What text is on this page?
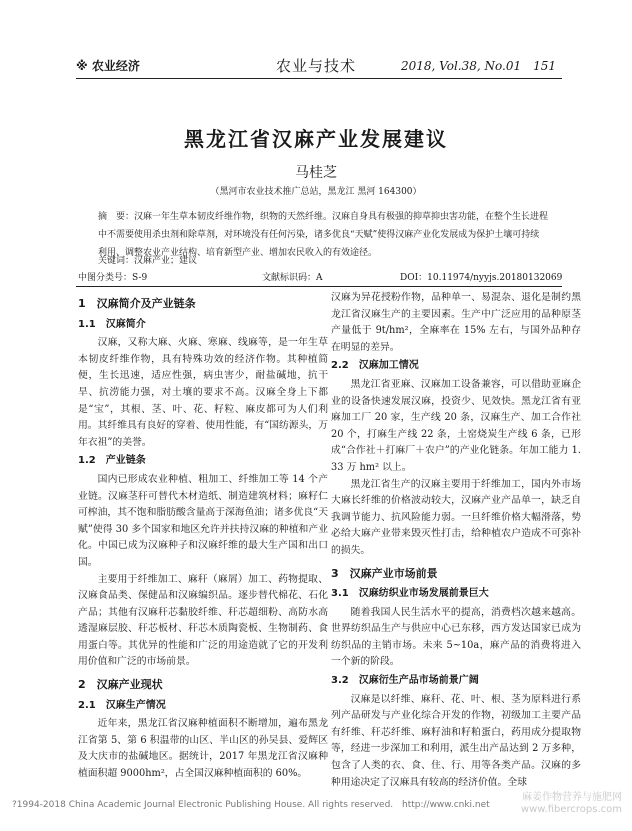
※ 农业经济	农业与技术	2018, Vol.38, No.01　151
黑龙江省汉麻产业发展建议
马桂芝
（黑河市农业技术推广总站，黑龙江 黑河 164300）
摘　要：汉麻一年生草本韧皮纤维作物，织物的天然纤维。汉麻自身具有极强的抑草抑虫害功能，在整个生长进程中不需要使用杀虫剂和除草剂，对环境没有任何污染，诸多优良“天赋”使得汉麻产业化发展成为保护土壤可持续利用、调整农业产业结构、培育新型产业、增加农民收入的有效途径。
关键词：汉麻产业；建议
中图分类号：S-9	文献标识码：A	DOI：10.11974/nyyjs.20180132069
1　汉麻简介及产业链条
1.1　汉麻简介
汉麻，又称大麻、火麻、寒麻、线麻等，是一年生草本韧皮纤维作物，具有特殊功效的经济作物。其种植简便，生长迅速，适应性强，病虫害少，耐盐碱地，抗干旱、抗涝能力强，对土壤的要求不高。汉麻全身上下都是“宝”，其根、茎、叶、花、籽粒、麻皮都可为人们利用。其纤维具有良好的穿着、使用性能，有“国纺源头，万年衣祖”的美誉。
1.2　产业链条
国内已形成农业种植、粗加工、纤维加工等 14 个产业链。汉麻茎秆可替代木材造纸、制造建筑材料；麻籽仁可榨油，其不饱和脂肪酸含量高于深海鱼油；诸多优良“天赋”使得 30 多个国家和地区允许并扶持汉麻的种植和产业化。中国已成为汉麻种子和汉麻纤维的最大生产国和出口国。
主要用于纤维加工、麻秆（麻屑）加工、药物提取、汉麻食品类、保健品和汉麻编织品。逐步替代棉花、石化产品；其他有汉麻秆芯黏胶纤维、秆芯超细粉、高防水高透湿麻层胶、秆芯板材、秆芯木质陶瓷板、生物制药、食用蛋白等。其优异的性能和广泛的用途造就了它的开发利用价值和广泛的市场前景。
2　汉麻产业现状
2.1　汉麻生产情况
近年来，黑龙江省汉麻种植面积不断增加，遍布黑龙江省第 5、第 6 积温带的山区、半山区的孙吴县、爱辉区及大庆市的盐碱地区。据统计，2017 年黑龙江省汉麻种植面积超 9000hm²，占全国汉麻种植面积的 60%。
汉麻为异花授粉作物，品种单一、易混杂、退化是制约黑龙江省汉麻生产的主要因素。生产中广泛应用的品种原茎产量低于 9t/hm²，全麻率在 15% 左右，与国外品种存在明显的差异。
2.2　汉麻加工情况
黑龙江省亚麻、汉麻加工设备兼容，可以借助亚麻企业的设备快速发展汉麻，投资少、见效快。黑龙江省有亚麻加工厂 20 家，生产线 20 条，汉麻生产、加工合作社 20 个，打麻生产线 22 条，土窑烧炭生产线 6 条，已形成“合作社＋打麻厂＋农户”的产业化链条。年加工能力 1.33 万 hm² 以上。
黑龙江省生产的汉麻主要用于纤维加工，国内外市场大麻长纤维的价格波动较大，汉麻产业产品单一，缺乏自我调节能力、抗风险能力弱。一旦纤维价格大幅滑落，势必给大麻产业带来毁灭性打击，给种植农户造成不可弥补的损失。
3　汉麻产业市场前景
3.1　汉麻纺织业市场发展前景巨大
随着我国人民生活水平的提高，消费档次越来越高。世界纺织品生产与供应中心已东移，西方发达国家已成为纺织品的主销市场。未来 5~10a，麻产品的消费将进入一个新的阶段。
3.2　汉麻衍生产品市场前景广阔
汉麻是以纤维、麻秆、花、叶、根、茎为原料进行系列产品研发与产业化综合开发的作物，初级加工主要产品有纤维、秆芯纤维、麻籽油和籽粕蛋白，药用成分提取物等，经进一步深加工和利用，派生出产品达到 2 万多种，包含了人类的衣、食、住、行、用等各类产品。汉麻的多种用途决定了汉麻具有较高的经济价值。全球
?1994-2018 China Academic Journal Electronic Publishing House. All rights reserved. http://www.cnki.net
麻姜作物营养与施肥网
www.fibercrops.com
